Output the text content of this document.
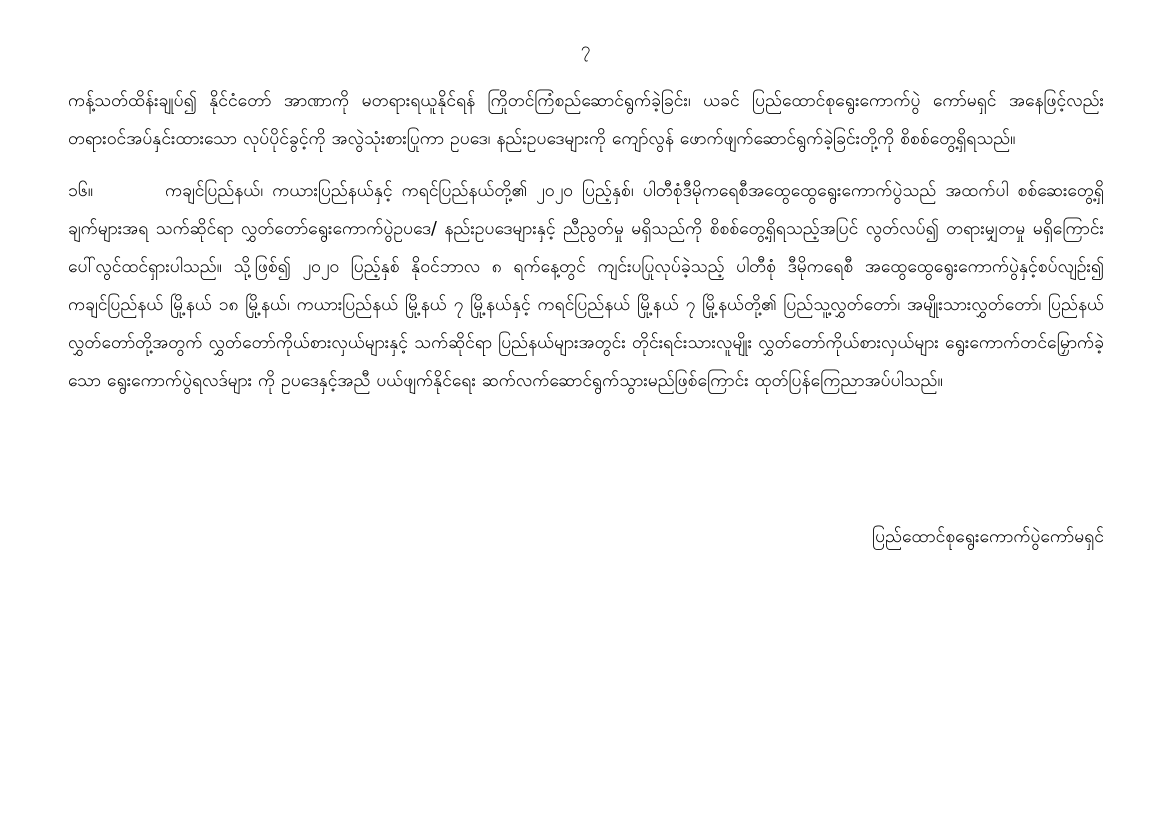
၇

ကန့်သတ်ထိန်းချုပ်၍ နိုင်ငံတော် အာဏာကို မတရားရယူနိုင်ရန် ကြိုတင်ကြံစည်ဆောင်ရွက်ခဲ့ခြင်း၊ ယခင် ပြည်ထောင်စုရွေးကောက်ပွဲ ကော်မရှင် အနေဖြင့်လည်း တရားဝင်အပ်နှင်းထားသော လုပ်ပိုင်ခွင့်ကို အလွဲသုံးစားပြုကာ ဥပဒေ၊ နည်းဥပဒေများကို ကျော်လွန် ဖောက်ဖျက်ဆောင်ရွက်ခဲ့ခြင်းတို့ကို စိစစ်တွေ့ရှိရသည်။

၁၆။	ကချင်ပြည်နယ်၊ ကယားပြည်နယ်နှင့် ကရင်ပြည်နယ်တို့၏ ၂၀၂၀ ပြည့်နှစ်၊ ပါတီစုံဒီမိုကရေစီအထွေထွေရွေးကောက်ပွဲသည် အထက်ပါ စစ်ဆေးတွေ့ရှိချက်များအရ သက်ဆိုင်ရာ လွှတ်တော်ရွေးကောက်ပွဲဥပဒေ/ နည်းဥပဒေများနှင့် ညီညွတ်မှု မရှိသည်ကို စိစစ်တွေ့ရှိရသည့်အပြင် လွတ်လပ်၍ တရားမျှတမှု မရှိကြောင်း ပေါ်လွင်ထင်ရှားပါသည်။ သို့ဖြစ်၍ ၂၀၂၀ ပြည့်နှစ် နိုဝင်ဘာလ ၈ ရက်နေ့တွင် ကျင်းပပြုလုပ်ခဲ့သည့် ပါတီစုံ ဒီမိုကရေစီ အထွေထွေရွေးကောက်ပွဲနှင့်စပ်လျဉ်း၍ ကချင်ပြည်နယ် မြို့နယ် ၁၈ မြို့နယ်၊ ကယားပြည်နယ် မြို့နယ် ၇ မြို့နယ်နှင့် ကရင်ပြည်နယ် မြို့နယ် ၇ မြို့နယ်တို့၏ ပြည်သူ့လွှတ်တော်၊ အမျိုးသားလွှတ်တော်၊ ပြည်နယ်လွှတ်တော်တို့အတွက် လွှတ်တော်ကိုယ်စားလှယ်များနှင့် သက်ဆိုင်ရာ ပြည်နယ်များအတွင်း တိုင်းရင်းသားလူမျိုး လွှတ်တော်ကိုယ်စားလှယ်များ ရွေးကောက်တင်မြှောက်ခဲ့သော ရွေးကောက်ပွဲရလဒ်များ ကို ဥပဒေနှင့်အညီ ပယ်ဖျက်နိုင်ရေး ဆက်လက်ဆောင်ရွက်သွားမည်ဖြစ်ကြောင်း ထုတ်ပြန်ကြေညာအပ်ပါသည်။

ပြည်ထောင်စုရွေးကောက်ပွဲကော်မရှင်
